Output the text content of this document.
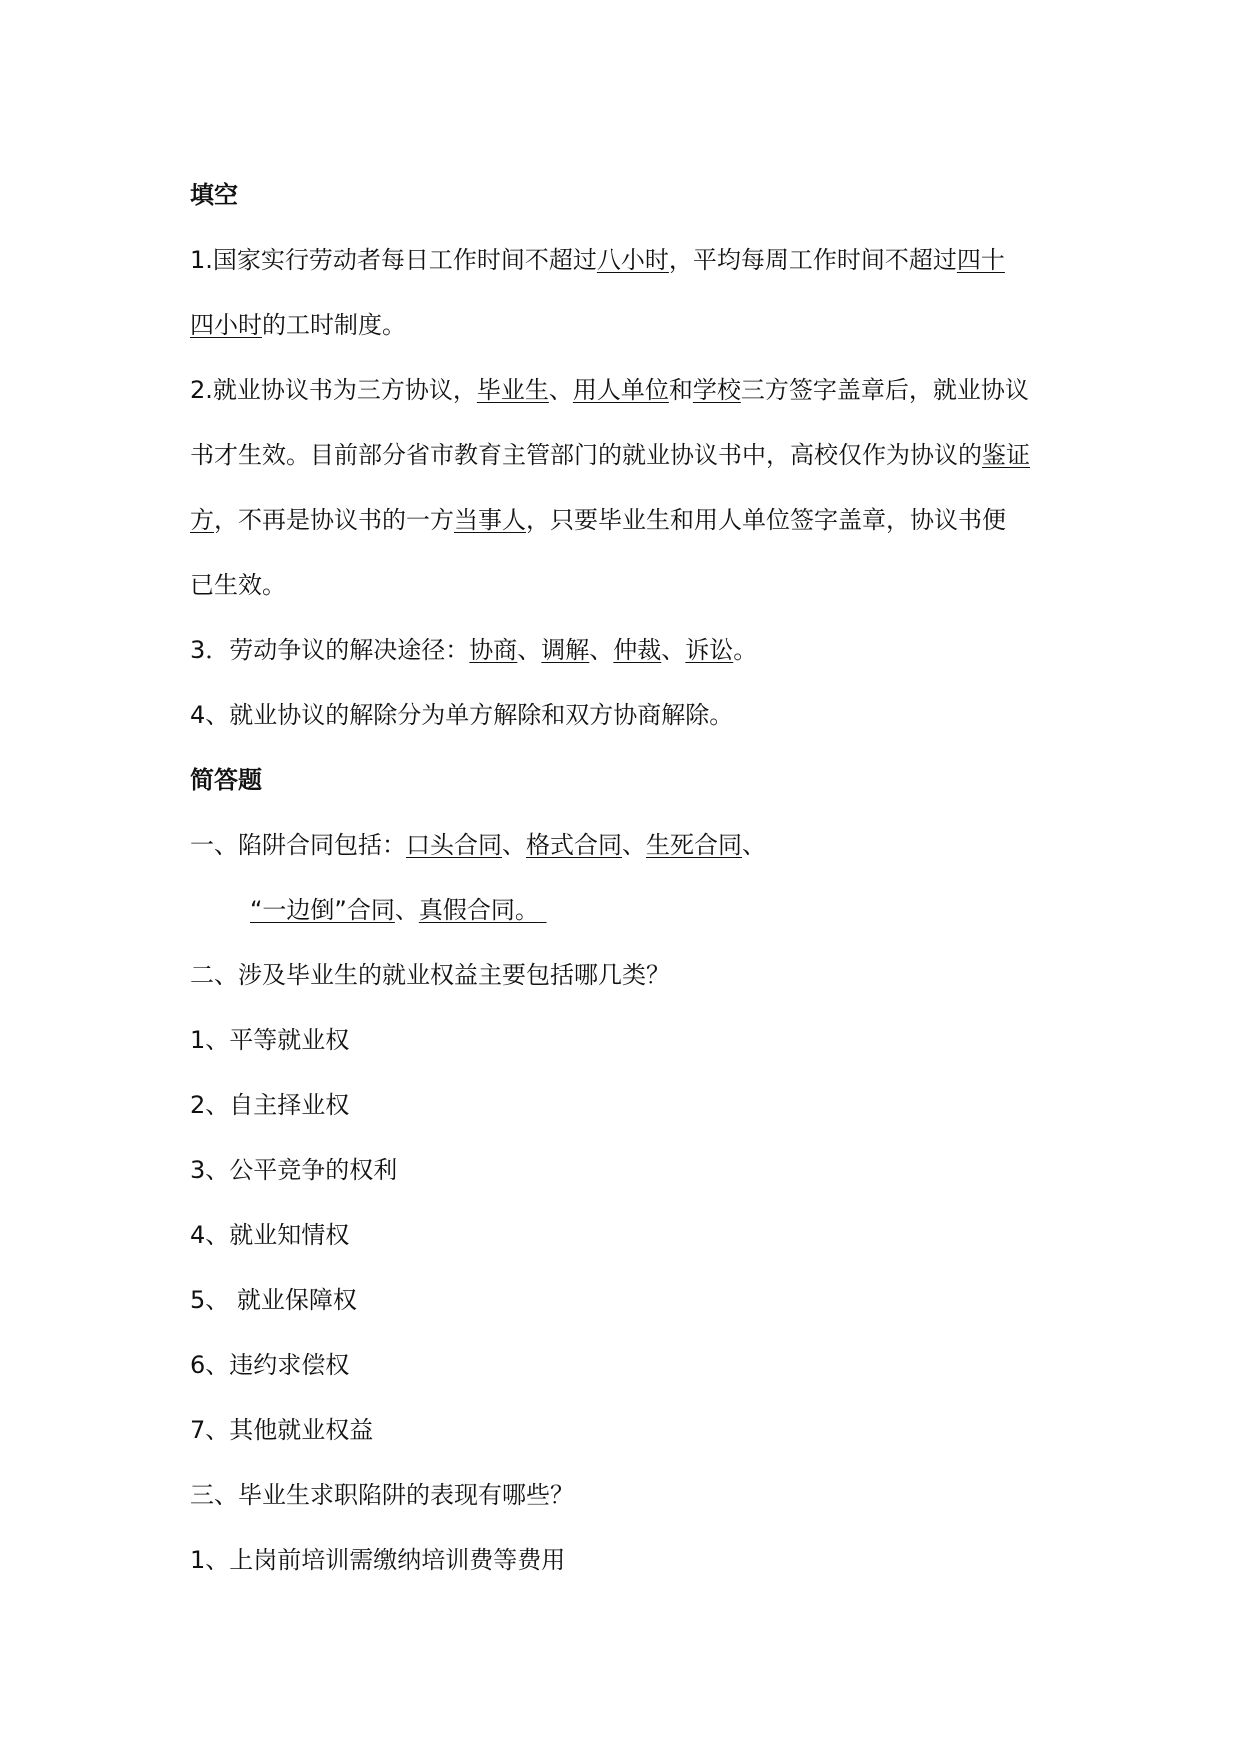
填空
1.国家实行劳动者每日工作时间不超过八小时，平均每周工作时间不超过四十
四小时的工时制度。
2.就业协议书为三方协议，毕业生、用人单位和学校三方签字盖章后，就业协议
书才生效。目前部分省市教育主管部门的就业协议书中，高校仅作为协议的鉴证
方，不再是协议书的一方当事人，只要毕业生和用人单位签字盖章，协议书便
已生效。
3．劳动争议的解决途径：协商、调解、仲裁、诉讼。
4、就业协议的解除分为单方解除和双方协商解除。
简答题
一、陷阱合同包括：口头合同、格式合同、生死合同、
“一边倒”合同、真假合同。
二、涉及毕业生的就业权益主要包括哪几类？
1、平等就业权
2、自主择业权
3、公平竞争的权利
4、就业知情权
5、 就业保障权
6、违约求偿权
7、其他就业权益
三、毕业生求职陷阱的表现有哪些？
1、上岗前培训需缴纳培训费等费用
